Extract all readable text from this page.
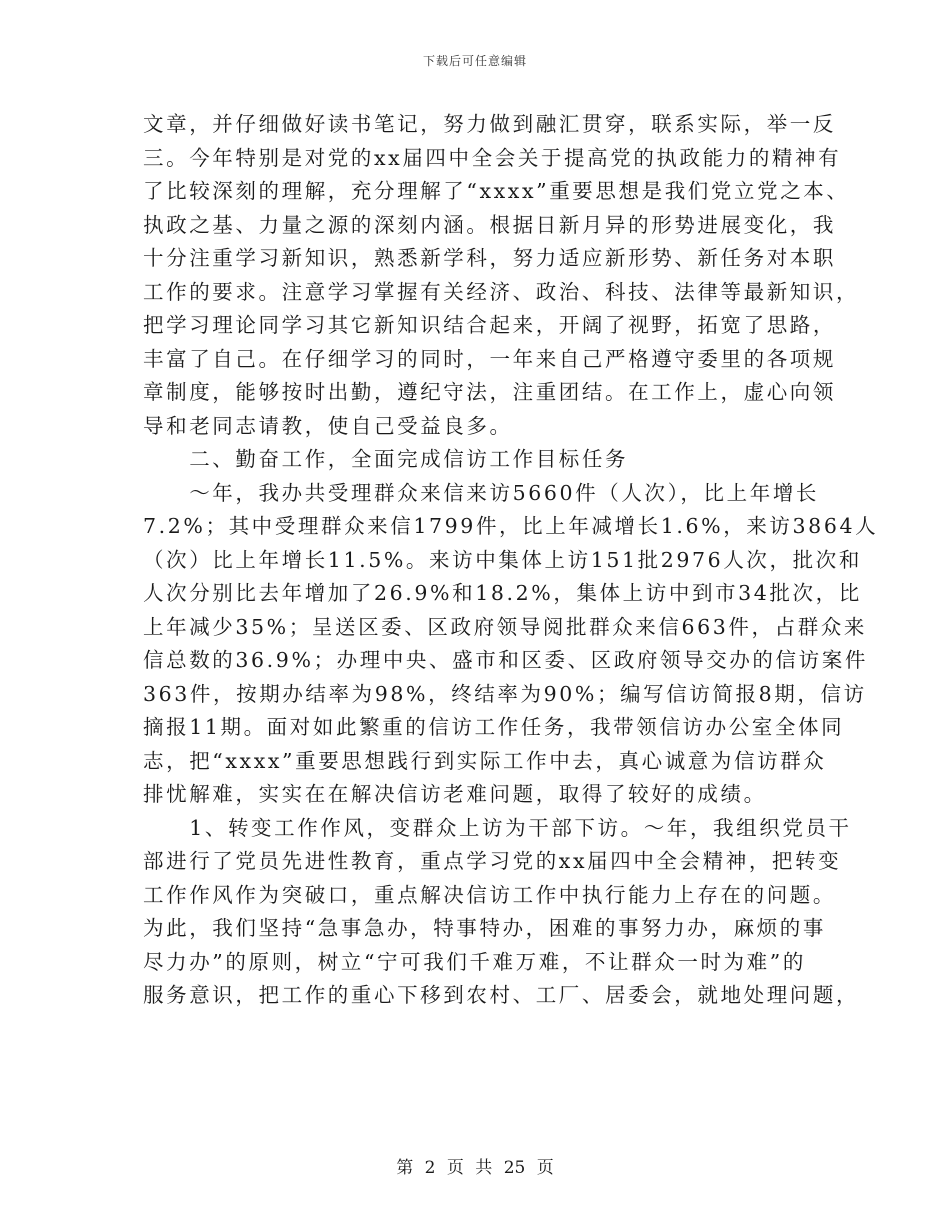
下载后可任意编辑

文章，并仔细做好读书笔记，努力做到融汇贯穿，联系实际，举一反
三。今年特别是对党的xx届四中全会关于提高党的执政能力的精神有
了比较深刻的理解，充分理解了“xxxx”重要思想是我们党立党之本、
执政之基、力量之源的深刻内涵。根据日新月异的形势进展变化，我
十分注重学习新知识，熟悉新学科，努力适应新形势、新任务对本职
工作的要求。注意学习掌握有关经济、政治、科技、法律等最新知识，
把学习理论同学习其它新知识结合起来，开阔了视野，拓宽了思路，
丰富了自己。在仔细学习的同时，一年来自己严格遵守委里的各项规
章制度，能够按时出勤，遵纪守法，注重团结。在工作上，虚心向领
导和老同志请教，使自己受益良多。

　　二、勤奋工作，全面完成信访工作目标任务

　　～年，我办共受理群众来信来访5660件（人次），比上年增长
7.2%；其中受理群众来信1799件，比上年减增长1.6%，来访3864人
（次）比上年增长11.5%。来访中集体上访151批2976人次，批次和
人次分别比去年增加了26.9%和18.2%，集体上访中到市34批次，比
上年减少35%；呈送区委、区政府领导阅批群众来信663件，占群众来
信总数的36.9%；办理中央、盛市和区委、区政府领导交办的信访案件
363件，按期办结率为98%，终结率为90%；编写信访简报8期，信访
摘报11期。面对如此繁重的信访工作任务，我带领信访办公室全体同
志，把“xxxx”重要思想践行到实际工作中去，真心诚意为信访群众
排忧解难，实实在在解决信访老难问题，取得了较好的成绩。

　　1、转变工作作风，变群众上访为干部下访。～年，我组织党员干
部进行了党员先进性教育，重点学习党的xx届四中全会精神，把转变
工作作风作为突破口，重点解决信访工作中执行能力上存在的问题。
为此，我们坚持“急事急办，特事特办，困难的事努力办，麻烦的事
尽力办”的原则，树立“宁可我们千难万难，不让群众一时为难”的
服务意识，把工作的重心下移到农村、工厂、居委会，就地处理问题，

第 2 页 共 25 页
